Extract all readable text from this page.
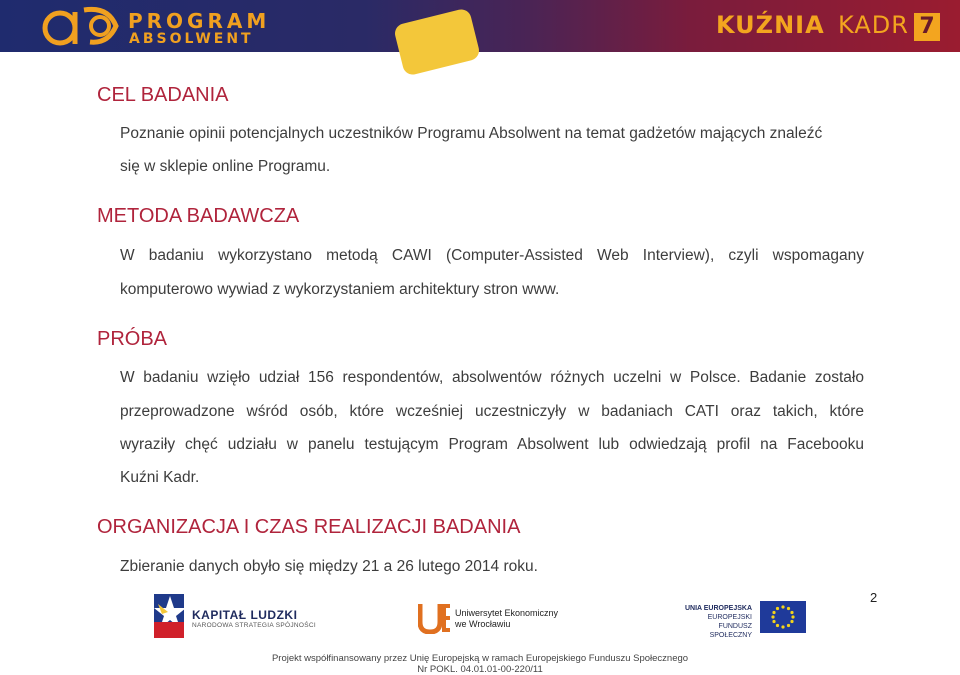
PROGRAM
ABSOLWENT	KUŹNIA KADR 7
CEL BADANIA
Poznanie opinii potencjalnych uczestników Programu Absolwent na temat gadżetów mających znaleźć
się w sklepie online Programu.
METODA BADAWCZA
W badaniu wykorzystano metodą CAWI (Computer-Assisted Web Interview), czyli wspomagany
komputerowo wywiad z wykorzystaniem architektury stron www.
PRÓBA
W badaniu wzięło udział 156 respondentów, absolwentów różnych uczelni w Polsce. Badanie zostało
przeprowadzone wśród osób, które wcześniej uczestniczyły w badaniach CATI oraz takich, które
wyraziły chęć udziału w panelu testującym Program Absolwent lub odwiedzają profil na Facebooku
Kuźni Kadr.
ORGANIZACJA I CZAS REALIZACJI BADANIA
Zbieranie danych obyło się między 21 a 26 lutego 2014 roku.
2
KAPITAŁ LUDZKI
NARODOWA STRATEGIA SPÓJNOŚCI
Uniwersytet Ekonomiczny
we Wrocławiu
UNIA EUROPEJSKA
EUROPEJSKI
FUNDUSZ SPOŁECZNY
Projekt współfinansowany przez Unię Europejską w ramach Europejskiego Funduszu Społecznego
Nr POKL. 04.01.01-00-220/11
